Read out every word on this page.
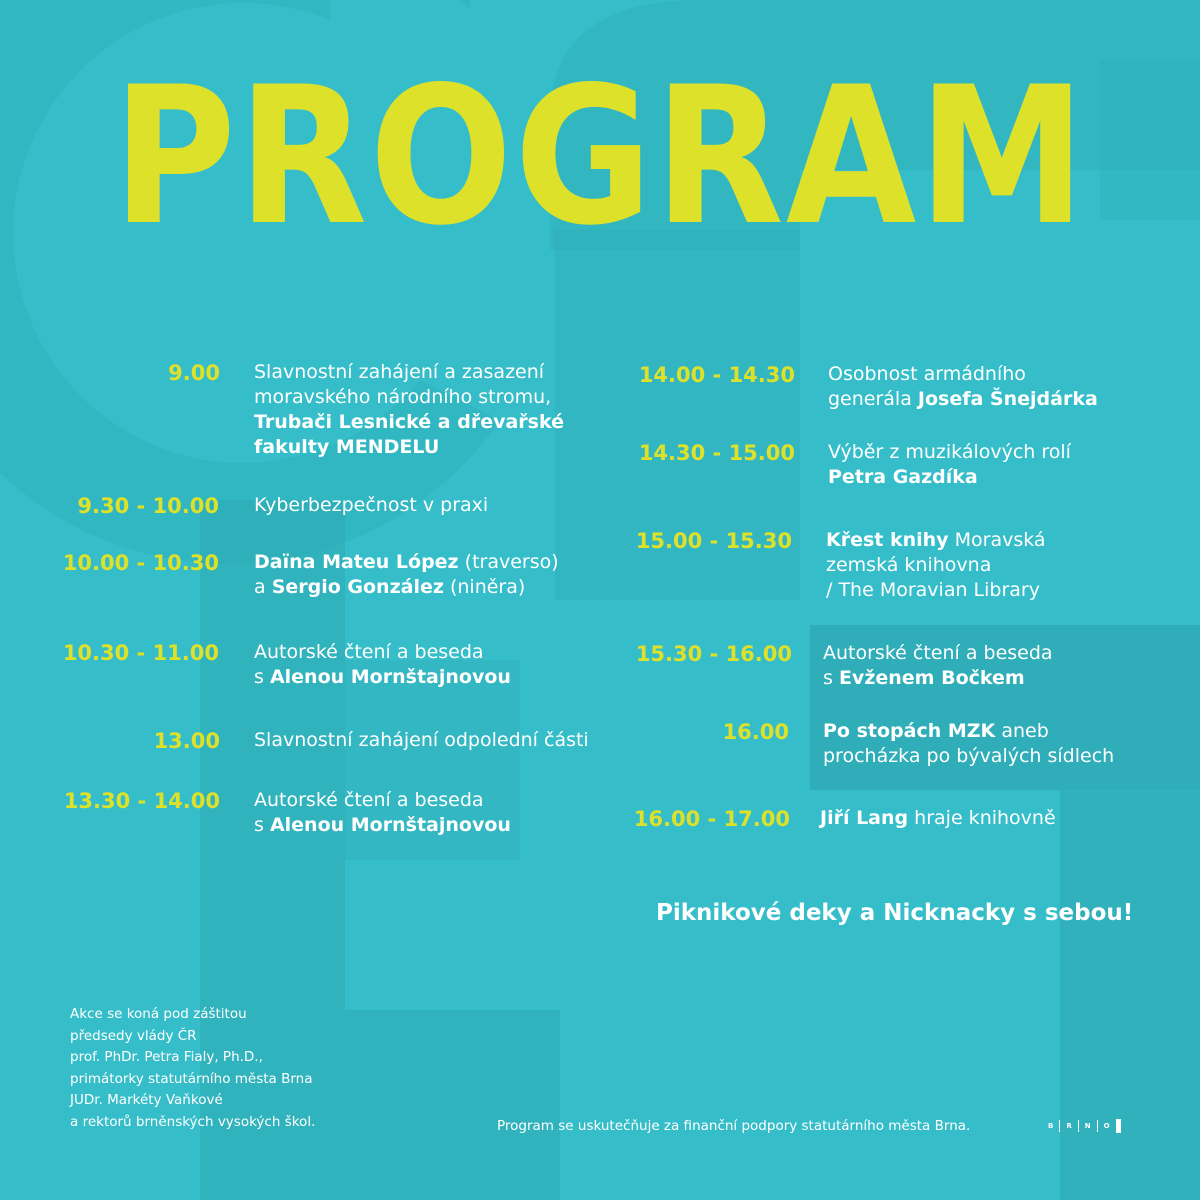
PROGRAM
9.00 Slavnostní zahájení a zasazení
moravského národního stromu,
Trubači Lesnické a dřevařské
fakulty MENDELU
9.30 - 10.00 Kyberbezpečnost v praxi
10.00 - 10.30 Daïna Mateu López (traverso)
a Sergio González (niněra)
10.30 - 11.00 Autorské čtení a beseda
s Alenou Mornštajnovou
13.00 Slavnostní zahájení odpolední části
13.30 - 14.00 Autorské čtení a beseda
s Alenou Mornštajnovou
14.00 - 14.30 Osobnost armádního
generála Josefa Šnejdárka
14.30 - 15.00 Výběr z muzikálových rolí
Petra Gazdíka
15.00 - 15.30 Křest knihy Moravská
zemská knihovna
/ The Moravian Library
15.30 - 16.00 Autorské čtení a beseda
s Evženem Bočkem
16.00 Po stopách MZK aneb
procházka po bývalých sídlech
16.00 - 17.00 Jiří Lang hraje knihovně
Piknikové deky a Nicknacky s sebou!
Akce se koná pod záštitou
předsedy vlády ČR
prof. PhDr. Petra Fialy, Ph.D.,
primátorky statutárního města Brna
JUDr. Markéty Vaňkové
a rektorů brněnských vysokých škol.	Program se uskutečňuje za finanční podpory statutárního města Brna.	B R N O
